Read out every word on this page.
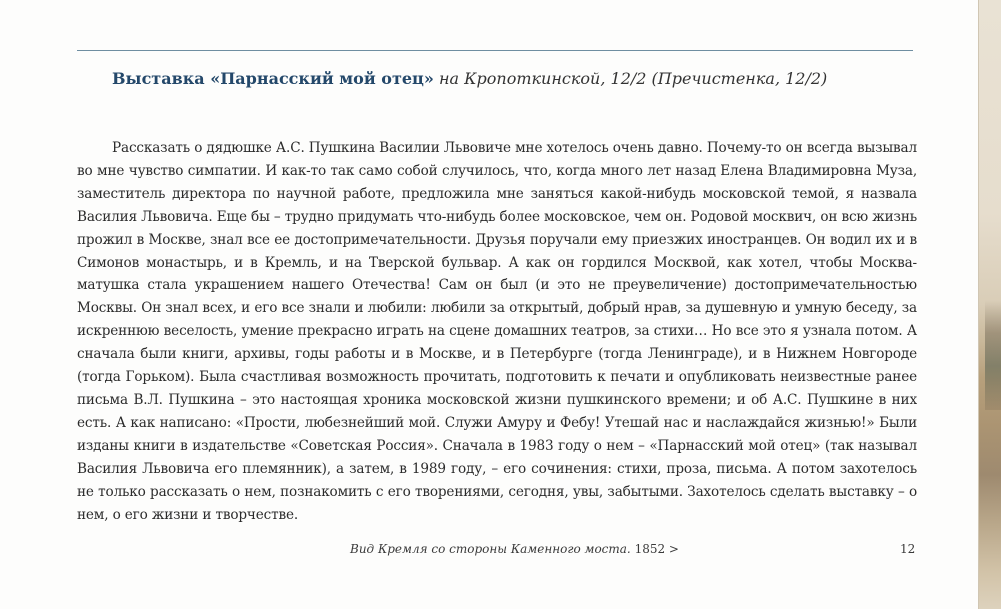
Выставка «Парнасский мой отец» на Кропоткинской, 12/2 (Пречистенка, 12/2)

Рассказать о дядюшке А.С. Пушкина Василии Львовиче мне хотелось очень давно. Почему-то он всегда вызывал во мне чувство симпатии. И как-то так само собой случилось, что, когда много лет назад Елена Владимировна Муза, заместитель директора по научной работе, предложила мне заняться какой-нибудь московской темой, я назвала Василия Львовича. Еще бы – трудно придумать что-нибудь более московское, чем он. Родовой москвич, он всю жизнь прожил в Москве, знал все ее достопримечательности. Друзья поручали ему приезжих иностранцев. Он водил их и в Симонов монастырь, и в Кремль, и на Тверской бульвар. А как он гордился Москвой, как хотел, чтобы Москва-матушка стала украшением нашего Отечества! Сам он был (и это не преувеличение) достопримечательностью Москвы. Он знал всех, и его все знали и любили: любили за открытый, добрый нрав, за душевную и умную беседу, за искреннюю веселость, умение прекрасно играть на сцене домашних театров, за стихи… Но все это я узнала потом. А сначала были книги, архивы, годы работы и в Москве, и в Петербурге (тогда Ленинграде), и в Нижнем Новгороде (тогда Горьком). Была счастливая возможность прочитать, подготовить к печати и опубликовать неизвестные ранее письма В.Л. Пушкина – это настоящая хроника московской жизни пушкинского времени; и об А.С. Пушкине в них есть. А как написано: «Прости, любезнейший мой. Служи Амуру и Фебу! Утешай нас и наслаждайся жизнью!» Были изданы книги в издательстве «Советская Россия». Сначала в 1983 году о нем – «Парнасский мой отец» (так называл Василия Львовича его племянник), а затем, в 1989 году, – его сочинения: стихи, проза, письма. А потом захотелось не только рассказать о нем, познакомить с его творениями, сегодня, увы, забытыми. Захотелось сделать выставку – о нем, о его жизни и творчестве.

Вид Кремля со стороны Каменного моста. 1852 >	12
